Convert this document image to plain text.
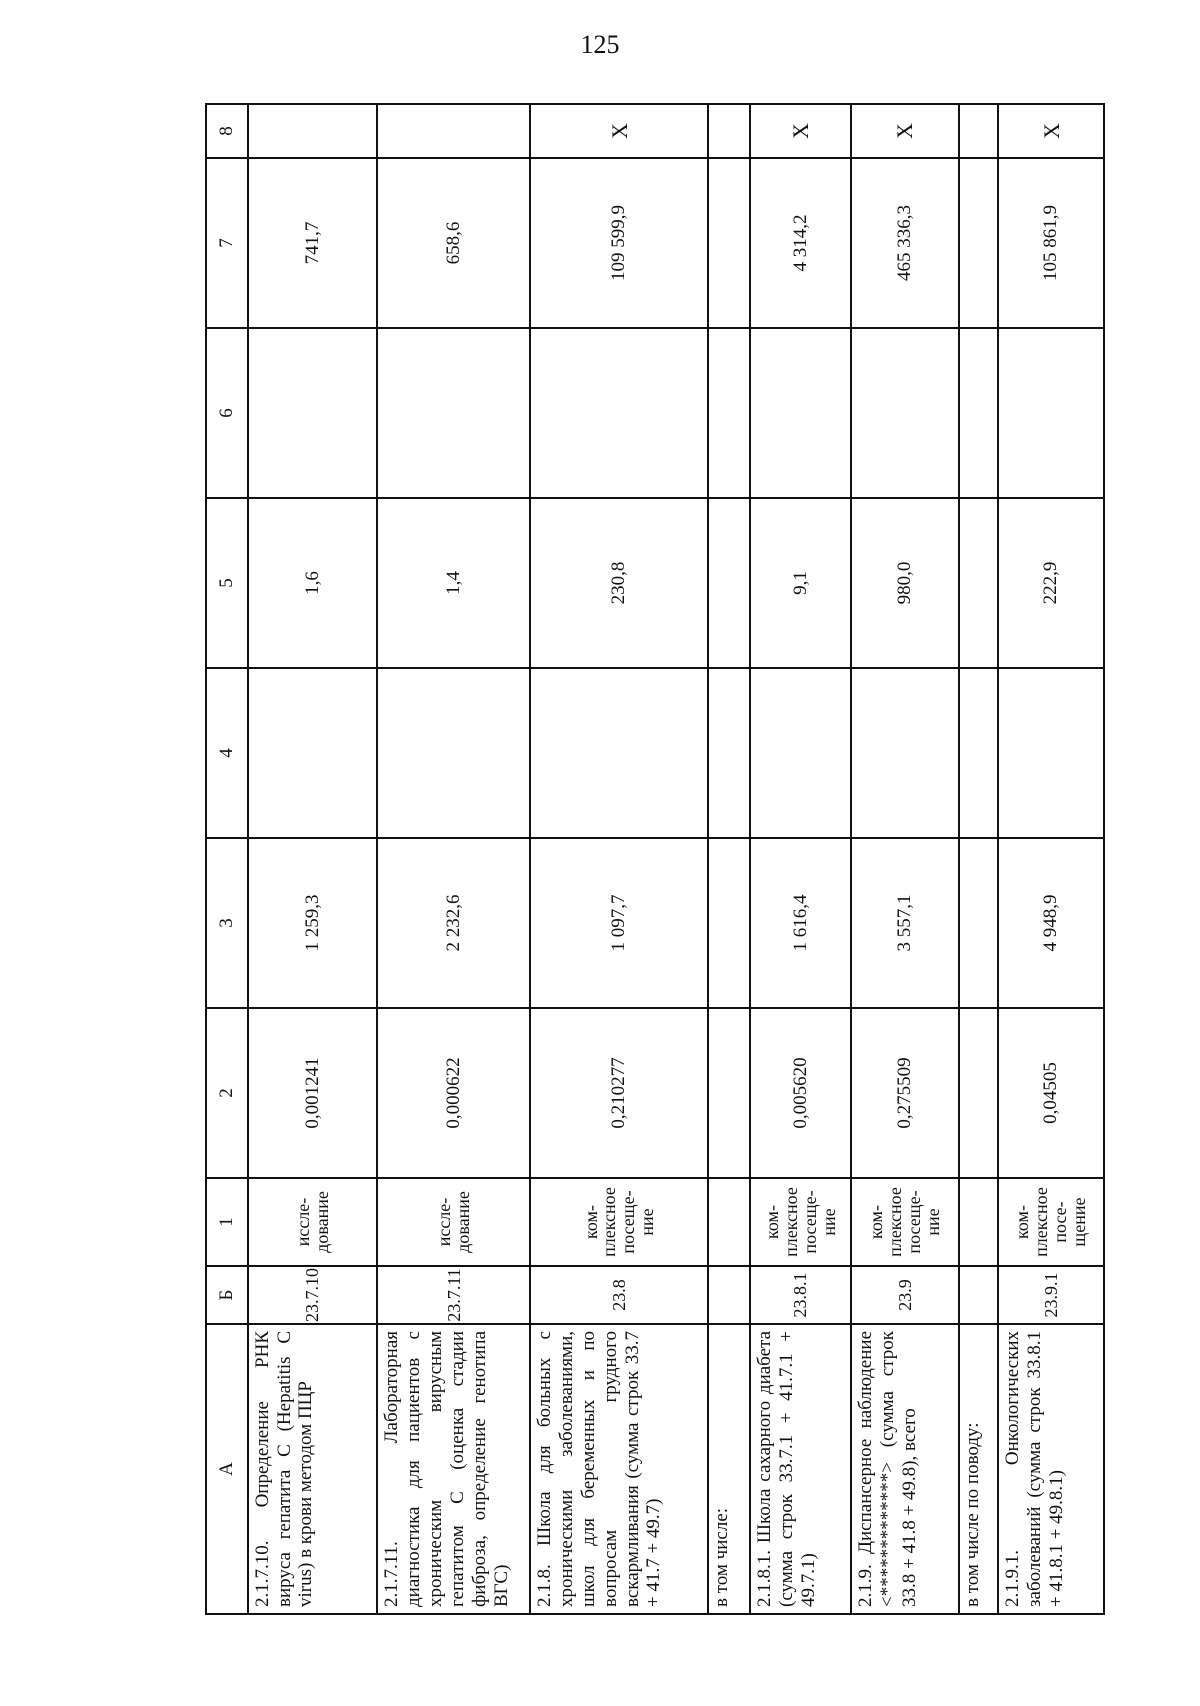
125
А	Б	1	2	3	4	5	6	7	8
2.1.7.10. Определение РНК вируса гепатита С (Hepatitis C virus) в крови методом ПЦР	23.7.10	иссле-дование	0,001241	1 259,3		1,6		741,7	
2.1.7.11. Лабораторная диагностика для пациентов с хроническим вирусным гепатитом С (оценка стадии фиброза, определение генотипа ВГС)	23.7.11	иссле-дование	0,000622	2 232,6		1,4		658,6	
2.1.8. Школа для больных с хроническими заболеваниями, школ для беременных и по вопросам грудного вскармливания (сумма строк 33.7 + 41.7 + 49.7)	23.8	ком-плексное посеще-ние	0,210277	1 097,7		230,8		109 599,9	Х
в том числе:									
2.1.8.1. Школа сахарного диабета (сумма строк 33.7.1 + 41.7.1 + 49.7.1)	23.8.1	ком-плексное посеще-ние	0,005620	1 616,4		9,1		4 314,2	Х
2.1.9. Диспансерное наблюдение <*************> (сумма строк 33.8 + 41.8 + 49.8), всего	23.9	ком-плексное посеще-ние	0,275509	3 557,1		980,0		465 336,3	Х
в том числе по поводу:									
2.1.9.1. Онкологических заболеваний (сумма строк 33.8.1 + 41.8.1 + 49.8.1)	23.9.1	ком-плексное посе-щение	0,04505	4 948,9		222,9		105 861,9	Х
